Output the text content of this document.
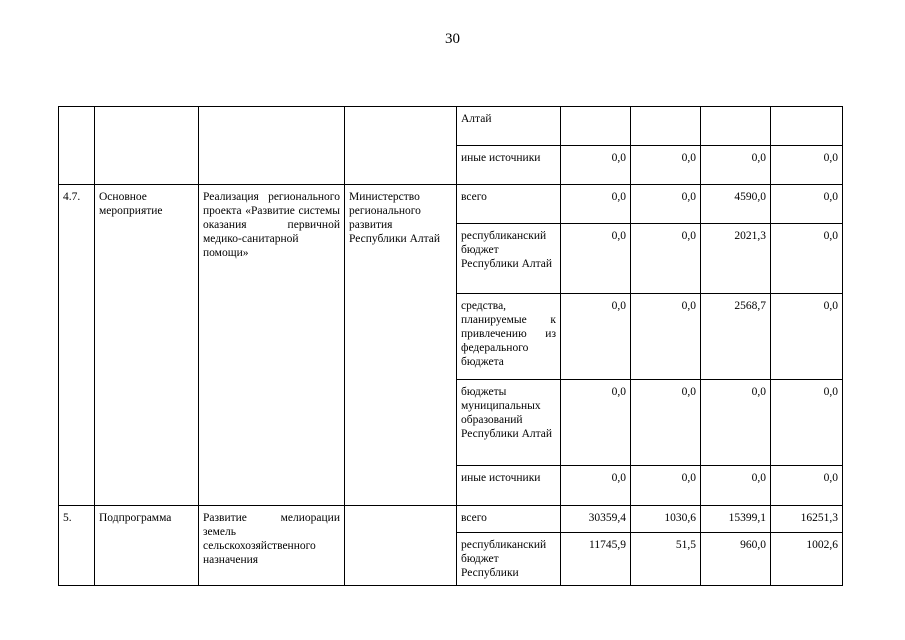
30
				Алтай				
				иные источники	0,0	0,0	0,0	0,0
4.7.	Основное мероприятие	Реализация регионального проекта «Развитие системы оказания первичной медико-санитарной помощи»	Министерство регионального развития Республики Алтай	всего	0,0	0,0	4590,0	0,0
				республиканский бюджет Республики Алтай	0,0	0,0	2021,3	0,0
				средства, планируемые к привлечению из федерального бюджета	0,0	0,0	2568,7	0,0
				бюджеты муниципальных образований Республики Алтай	0,0	0,0	0,0	0,0
				иные источники	0,0	0,0	0,0	0,0
5.	Подпрограмма	Развитие мелиорации земель сельскохозяйственного назначения		всего	30359,4	1030,6	15399,1	16251,3
				республиканский бюджет Республики	11745,9	51,5	960,0	1002,6
